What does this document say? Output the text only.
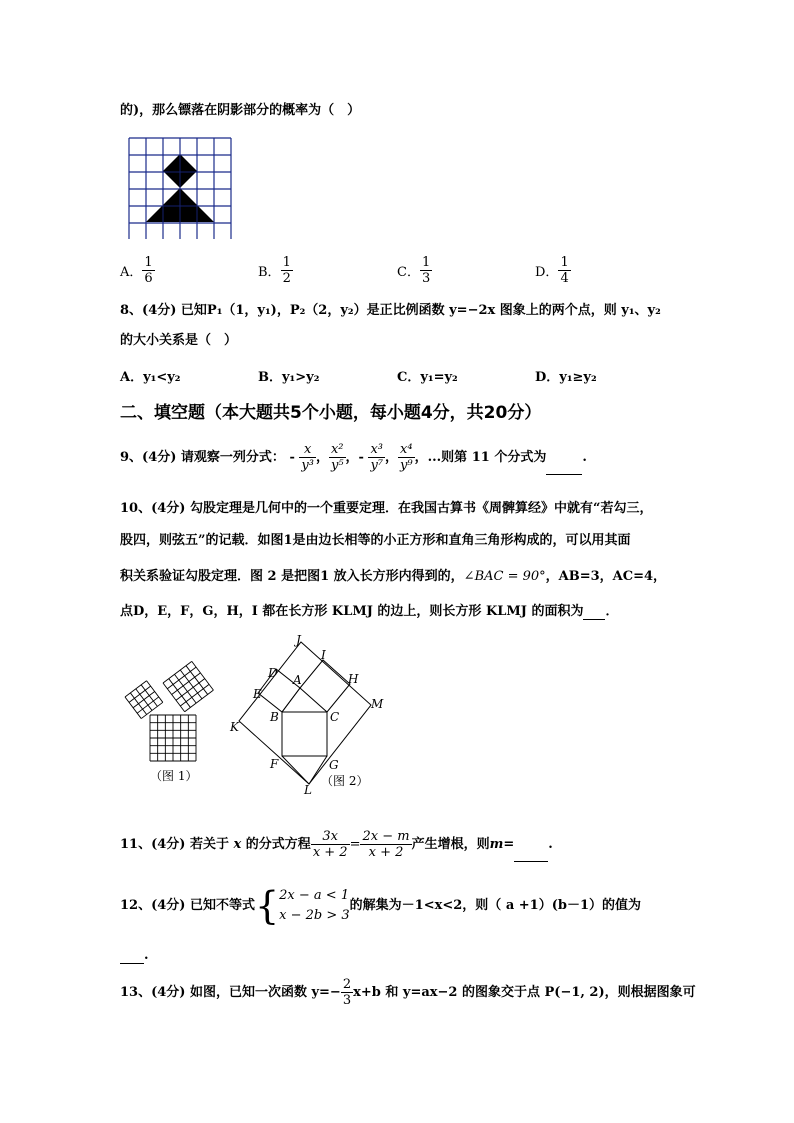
的)，那么镖落在阴影部分的概率为（　）
A． $\frac{1}{6}$	B． $\frac{1}{2}$	C． $\frac{1}{3}$	D． $\frac{1}{4}$
8、(4分) 已知P₁（1，y₁)，P₂（2，y₂）是正比例函数 y=−2x 图象上的两个点，则 y₁、y₂
的大小关系是（　）
A．y₁<y₂	B．y₁>y₂	C．y₁=y₂	D．y₁≥y₂
二、填空题（本大题共5个小题，每小题4分，共20分）
9、(4分) 请观察一列分式： - $\frac{x}{\text{y³}}$ ， $\frac{\text{x²}}{\text{y⁵}}$ ，- $\frac{\text{x³}}{\text{y⁷}}$ ， $\frac{\text{x⁴}}{\text{y⁹}}$ ，...则第 11 个分式为	.
10、(4分) 勾股定理是几何中的一个重要定理．在我国古算书《周髀算经》中就有“若勾三，
股四，则弦五”的记载．如图1是由边长相等的小正方形和直角三角形构成的，可以用其面
积关系验证勾股定理．图 2 是把图1 放入长方形内得到的，∠BAC = 90°，AB=3，AC=4，
点D，E，F，G，H，I 都在长方形 KLMJ 的边上，则长方形 KLMJ 的面积为 ．
（图 1）
J
I
D A	H
E
M
B	C
K
F	G
L
（图 2）
11、(4分) 若关于 x 的分式方程 $\frac{3x}{x + 2} = \frac{2x - m}{x + 2}$ 产生增根，则m=	.
12、(4分) 已知不等式{ 2x − a < 1
x − 2b > 3
的解集为－1<x<2，则（ a +1）(b－1）的值为
.
13、(4分) 如图，已知一次函数 $y=- \frac{2}{3} x+b$ 和 y=ax−2 的图象交于点 P(−1, 2)，则根据图象可
